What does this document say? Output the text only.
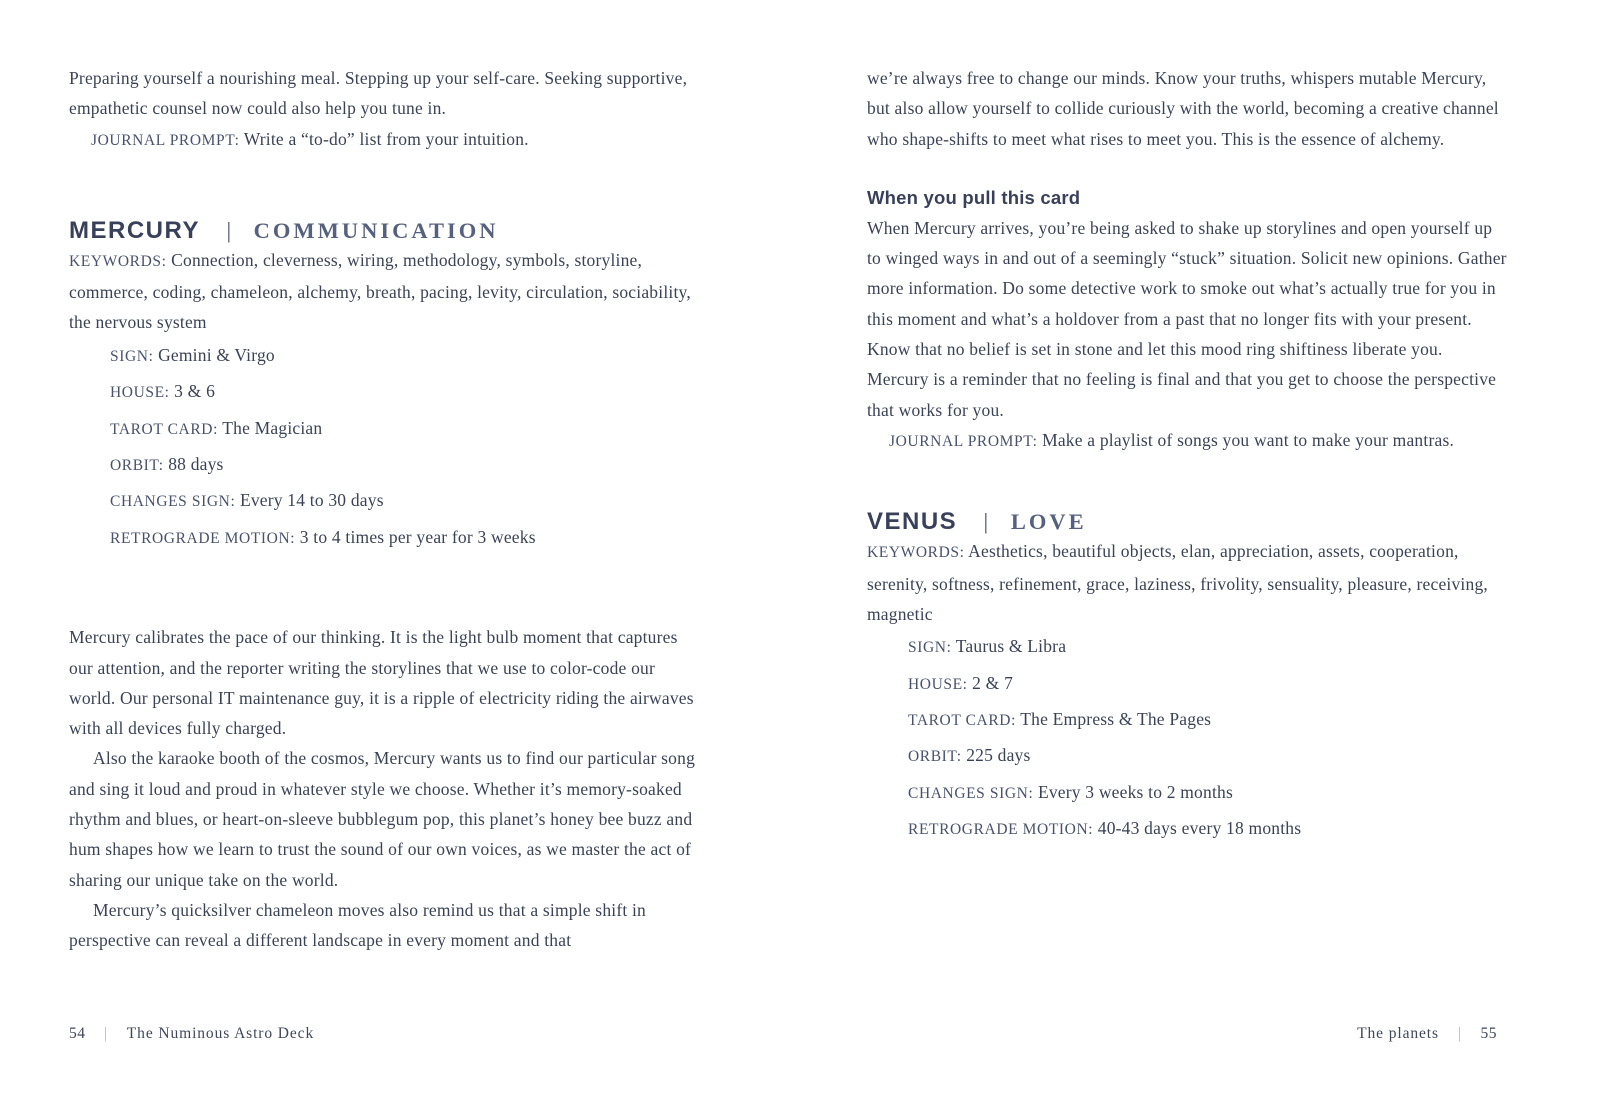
Preparing yourself a nourishing meal. Stepping up your self-care. Seeking supportive, empathetic counsel now could also help you tune in.

JOURNAL PROMPT: Write a “to-do” list from your intuition.

MERCURY | COMMUNICATION

KEYWORDS: Connection, cleverness, wiring, methodology, symbols, storyline, commerce, coding, chameleon, alchemy, breath, pacing, levity, circulation, sociability, the nervous system

SIGN: Gemini & Virgo
HOUSE: 3 & 6
TAROT CARD: The Magician
ORBIT: 88 days
CHANGES SIGN: Every 14 to 30 days
RETROGRADE MOTION: 3 to 4 times per year for 3 weeks

Mercury calibrates the pace of our thinking. It is the light bulb moment that captures our attention, and the reporter writing the storylines that we use to color-code our world. Our personal IT maintenance guy, it is a ripple of electricity riding the airwaves with all devices fully charged.

Also the karaoke booth of the cosmos, Mercury wants us to find our particular song and sing it loud and proud in whatever style we choose. Whether it’s memory-soaked rhythm and blues, or heart-on-sleeve bubblegum pop, this planet’s honey bee buzz and hum shapes how we learn to trust the sound of our own voices, as we master the act of sharing our unique take on the world.

Mercury’s quicksilver chameleon moves also remind us that a simple shift in perspective can reveal a different landscape in every moment and that

we’re always free to change our minds. Know your truths, whispers mutable Mercury, but also allow yourself to collide curiously with the world, becoming a creative channel who shape-shifts to meet what rises to meet you. This is the essence of alchemy.

When you pull this card

When Mercury arrives, you’re being asked to shake up storylines and open yourself up to winged ways in and out of a seemingly “stuck” situation. Solicit new opinions. Gather more information. Do some detective work to smoke out what’s actually true for you in this moment and what’s a holdover from a past that no longer fits with your present. Know that no belief is set in stone and let this mood ring shiftiness liberate you. Mercury is a reminder that no feeling is final and that you get to choose the perspective that works for you.

JOURNAL PROMPT: Make a playlist of songs you want to make your mantras.

VENUS | LOVE

KEYWORDS: Aesthetics, beautiful objects, elan, appreciation, assets, cooperation, serenity, softness, refinement, grace, laziness, frivolity, sensuality, pleasure, receiving, magnetic

SIGN: Taurus & Libra
HOUSE: 2 & 7
TAROT CARD: The Empress & The Pages
ORBIT: 225 days
CHANGES SIGN: Every 3 weeks to 2 months
RETROGRADE MOTION: 40-43 days every 18 months
54 | The Numinous Astro Deck	The planets | 55
